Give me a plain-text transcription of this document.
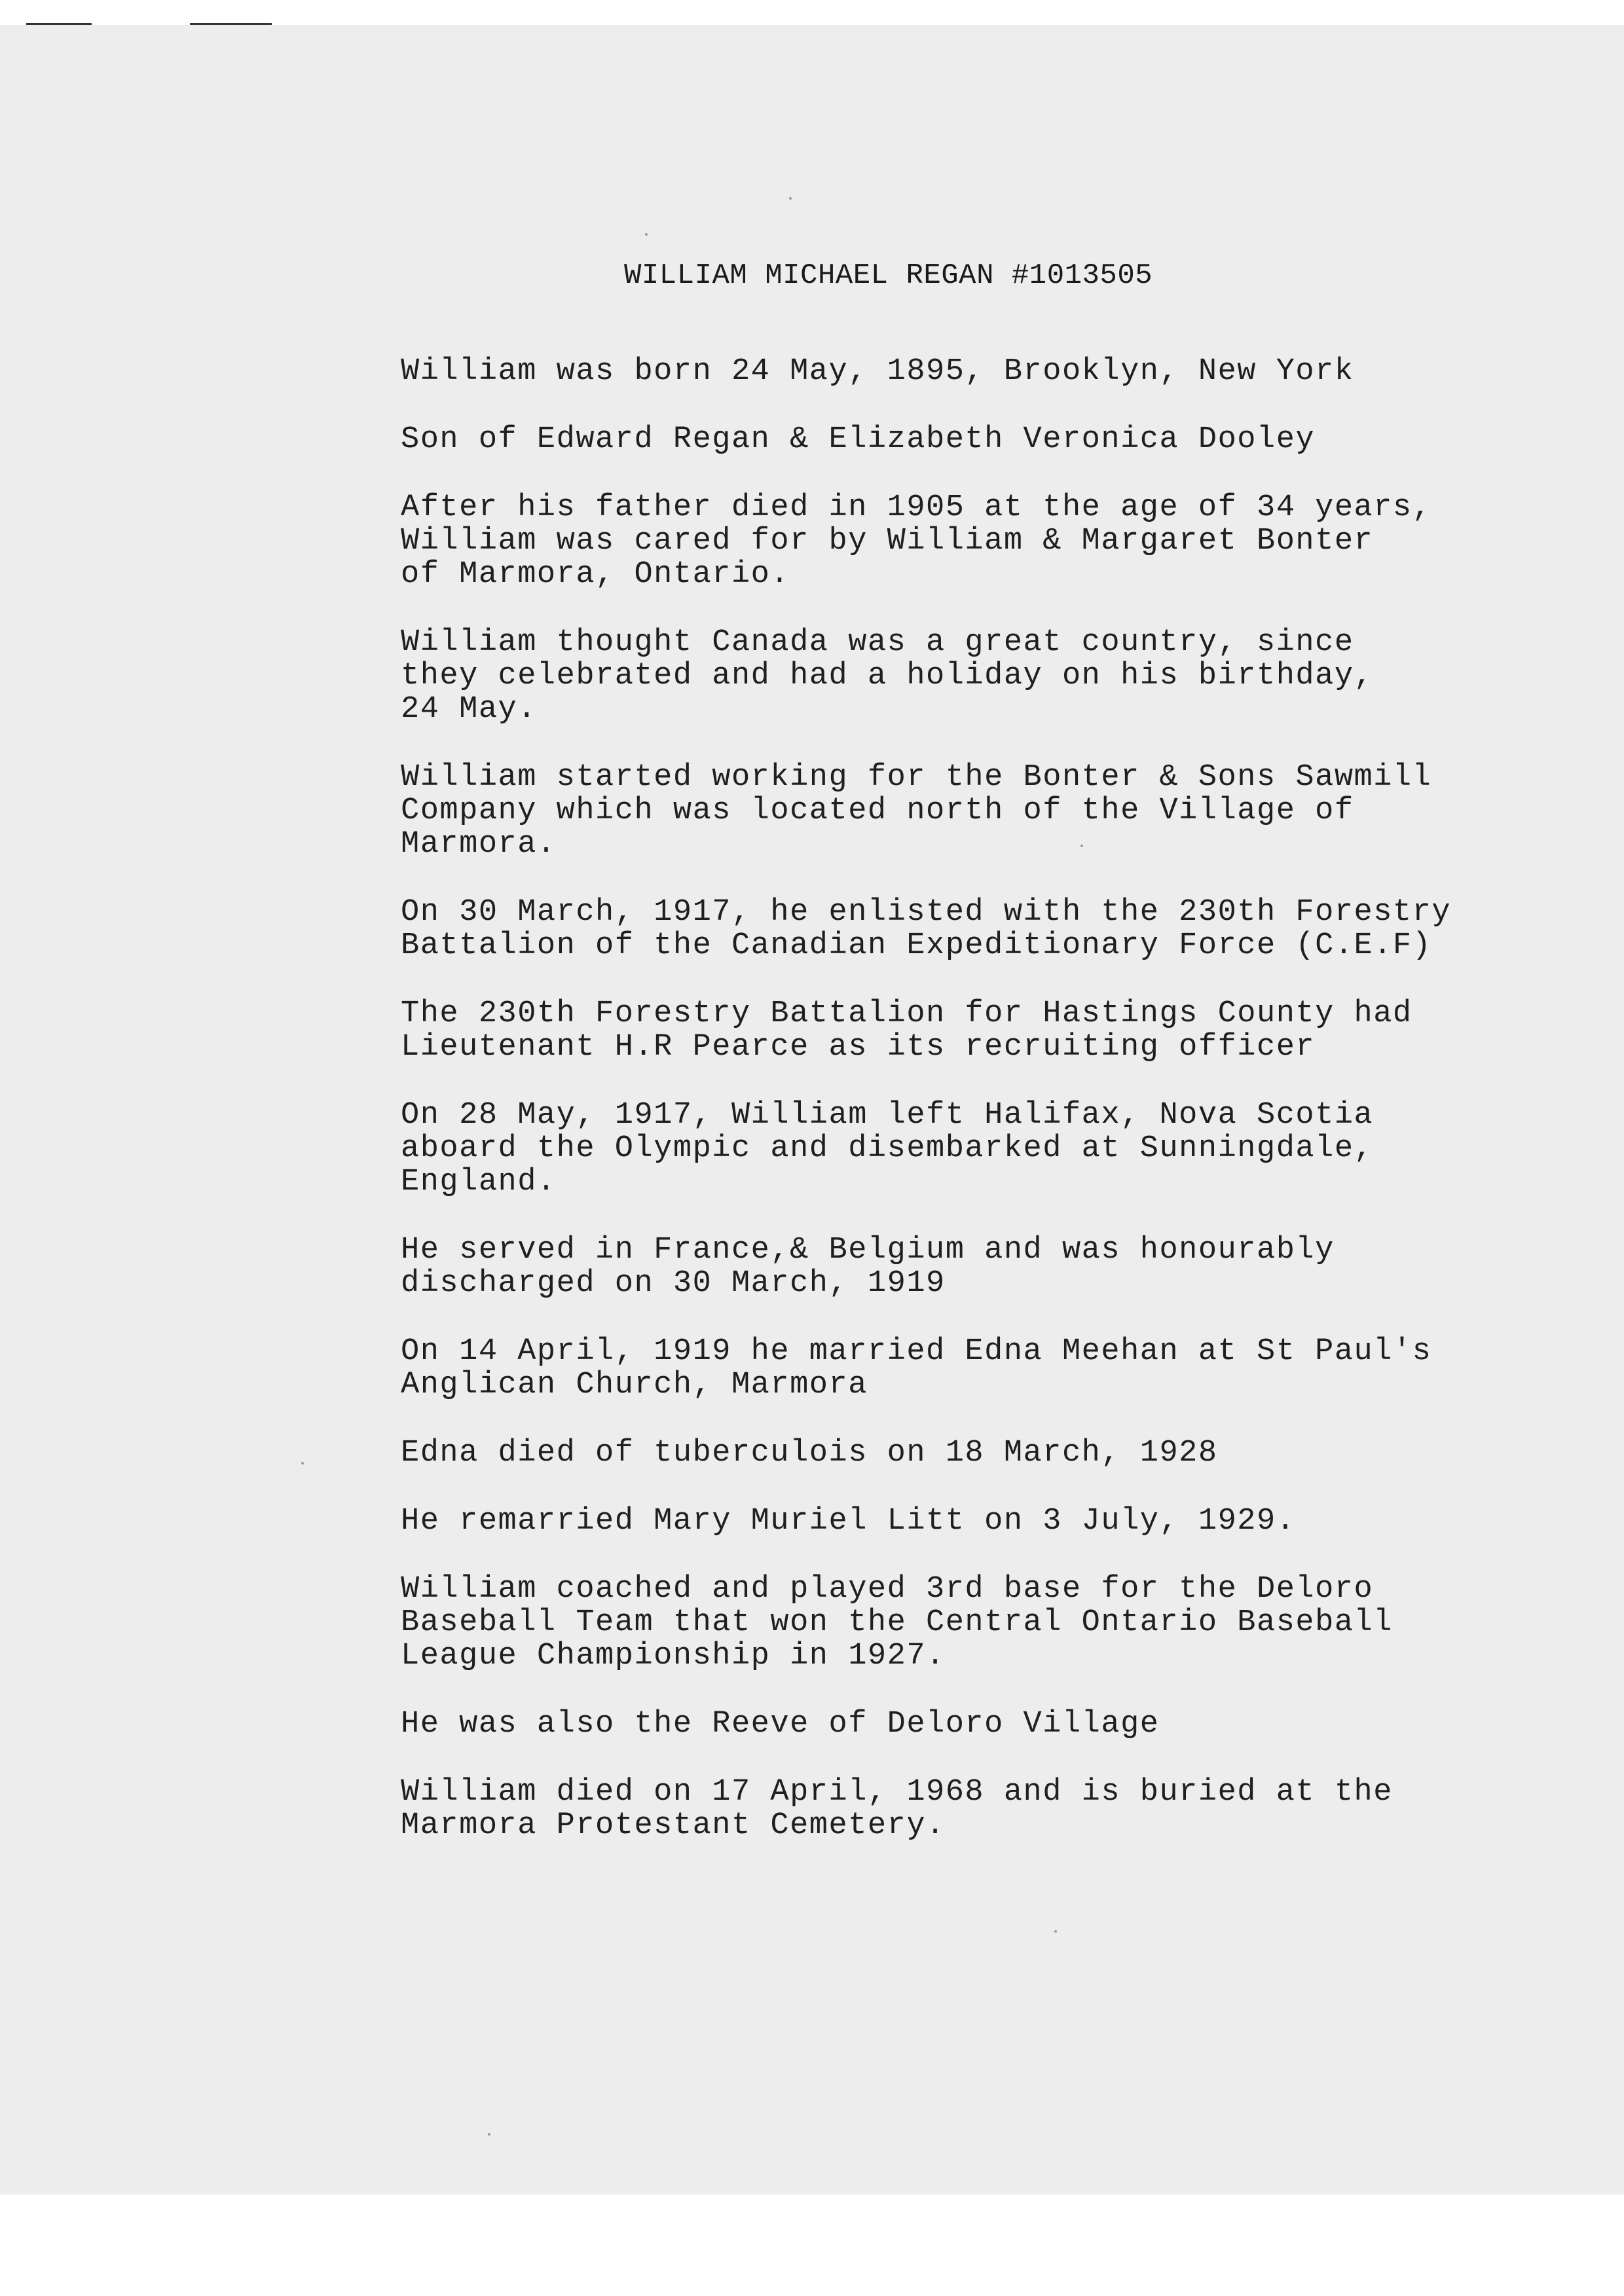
WILLIAM MICHAEL REGAN #1013505

William was born 24 May, 1895, Brooklyn, New York

Son of Edward Regan & Elizabeth Veronica Dooley

After his father died in 1905 at the age of 34 years,
William was cared for by William & Margaret Bonter
of Marmora, Ontario.

William thought Canada was a great country, since
they celebrated and had a holiday on his birthday,
24 May.

William started working for the Bonter & Sons Sawmill
Company which was located north of the Village of
Marmora.

On 30 March, 1917, he enlisted with the 230th Forestry
Battalion of the Canadian Expeditionary Force (C.E.F)

The 230th Forestry Battalion for Hastings County had
Lieutenant H.R Pearce as its recruiting officer

On 28 May, 1917, William left Halifax, Nova Scotia
aboard the Olympic and disembarked at Sunningdale,
England.

He served in France,& Belgium and was honourably
discharged on 30 March, 1919

On 14 April, 1919 he married Edna Meehan at St Paul's
Anglican Church, Marmora

Edna died of tuberculois on 18 March, 1928

He remarried Mary Muriel Litt on 3 July, 1929.

William coached and played 3rd base for the Deloro
Baseball Team that won the Central Ontario Baseball
League Championship in 1927.

He was also the Reeve of Deloro Village

William died on 17 April, 1968 and is buried at the
Marmora Protestant Cemetery.
